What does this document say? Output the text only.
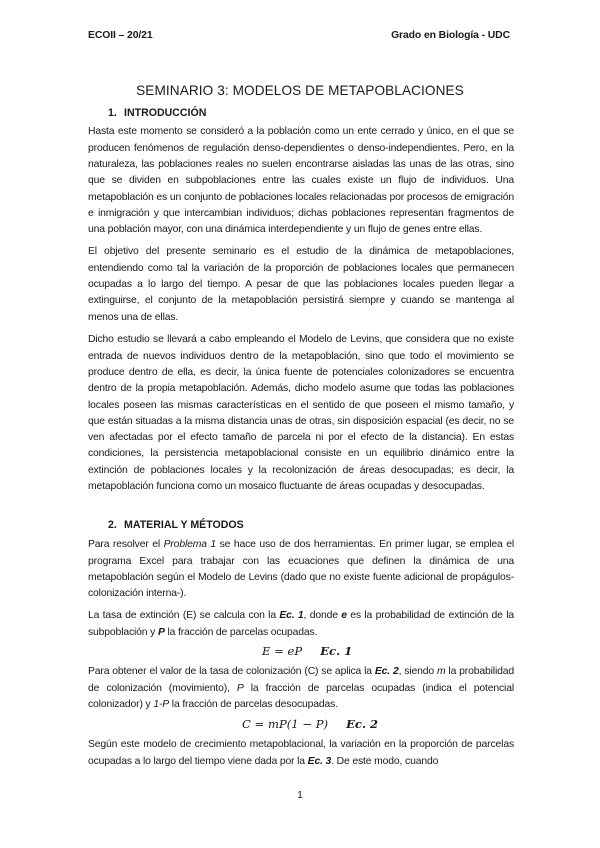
ECOII – 20/21	Grado en Biología - UDC
SEMINARIO 3: MODELOS DE METAPOBLACIONES
1. INTRODUCCIÓN

Hasta este momento se consideró a la población como un ente cerrado y único, en el que se producen fenómenos de regulación denso-dependientes o denso-independientes. Pero, en la naturaleza, las poblaciones reales no suelen encontrarse aisladas las unas de las otras, sino que se dividen en subpoblaciones entre las cuales existe un flujo de individuos. Una metapoblación es un conjunto de poblaciones locales relacionadas por procesos de emigración e inmigración y que intercambian individuos; dichas poblaciones representan fragmentos de una población mayor, con una dinámica interdependiente y un flujo de genes entre ellas.

El objetivo del presente seminario es el estudio de la dinámica de metapoblaciones, entendiendo como tal la variación de la proporción de poblaciones locales que permanecen ocupadas a lo largo del tiempo. A pesar de que las poblaciones locales pueden llegar a extinguirse, el conjunto de la metapoblación persistirá siempre y cuando se mantenga al menos una de ellas.

Dicho estudio se llevará a cabo empleando el Modelo de Levins, que considera que no existe entrada de nuevos individuos dentro de la metapoblación, sino que todo el movimiento se produce dentro de ella, es decir, la única fuente de potenciales colonizadores se encuentra dentro de la propia metapoblación. Además, dicho modelo asume que todas las poblaciones locales poseen las mismas características en el sentido de que poseen el mismo tamaño, y que están situadas a la misma distancia unas de otras, sin disposición espacial (es decir, no se ven afectadas por el efecto tamaño de parcela ni por el efecto de la distancia). En estas condiciones, la persistencia metapoblacional consiste en un equilibrio dinámico entre la extinción de poblaciones locales y la recolonización de áreas desocupadas; es decir, la metapoblación funciona como un mosaico fluctuante de áreas ocupadas y desocupadas.

2. MATERIAL Y MÉTODOS

Para resolver el Problema 1 se hace uso de dos herramientas. En primer lugar, se emplea el programa Excel para trabajar con las ecuaciones que definen la dinámica de una metapoblación según el Modelo de Levins (dado que no existe fuente adicional de propágulos-colonización interna-).

La tasa de extinción (E) se calcula con la Ec. 1, donde e es la probabilidad de extinción de la subpoblación y P la fracción de parcelas ocupadas.

E = eP Ec. 1

Para obtener el valor de la tasa de colonización (C) se aplica la Ec. 2, siendo m la probabilidad de colonización (movimiento), P la fracción de parcelas ocupadas (indica el potencial colonizador) y 1-P la fracción de parcelas desocupadas.

C = mP(1 − P) Ec. 2

Según este modelo de crecimiento metapoblacional, la variación en la proporción de parcelas ocupadas a lo largo del tiempo viene dada por la Ec. 3. De este modo, cuando

1
